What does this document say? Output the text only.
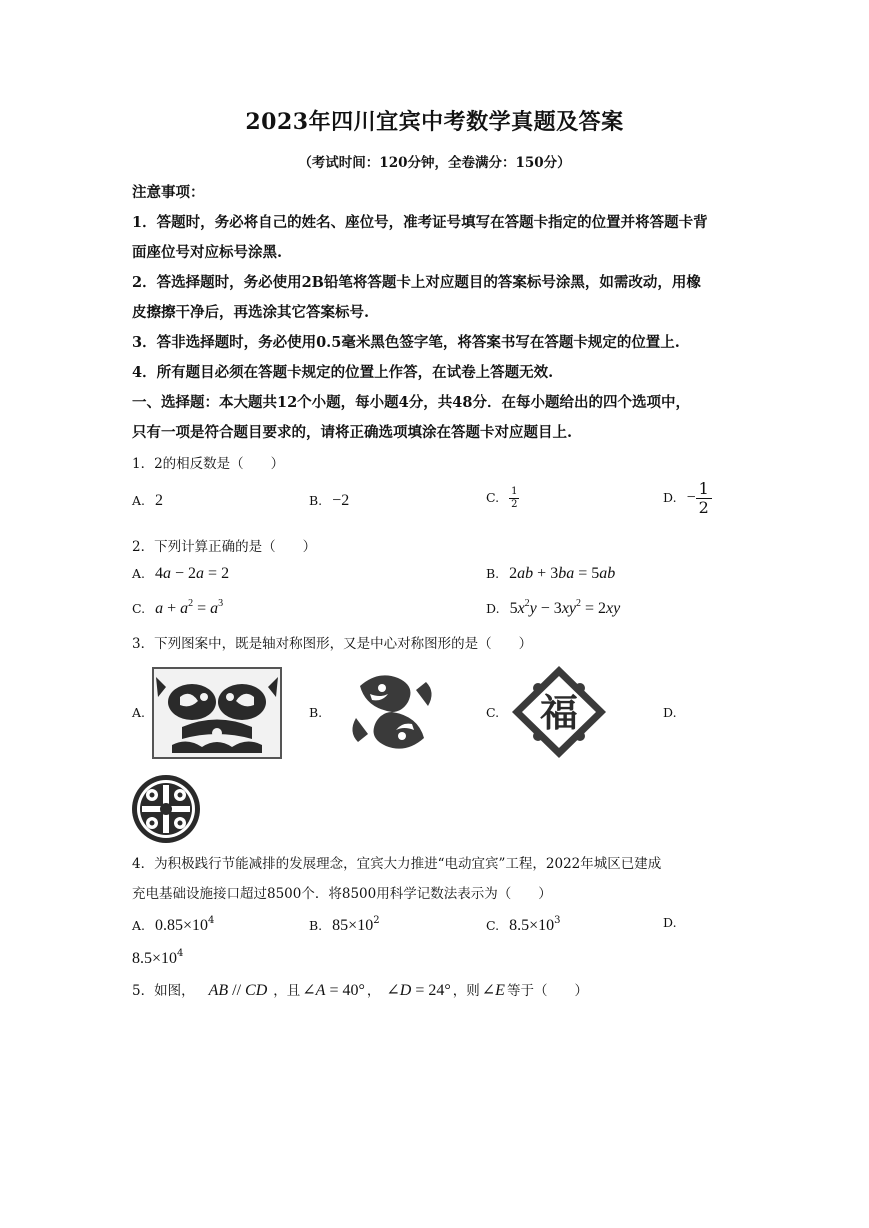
2023年四川宜宾中考数学真题及答案
（考试时间：120分钟，全卷满分：150分）
注意事项：
1．答题时，务必将自己的姓名、座位号，准考证号填写在答题卡指定的位置并将答题卡背
面座位号对应标号涂黑.
2．答选择题时，务必使用2B铅笔将答题卡上对应题目的答案标号涂黑，如需改动，用橡
皮擦擦干净后，再选涂其它答案标号.
3．答非选择题时，务必使用0.5毫米黑色签字笔，将答案书写在答题卡规定的位置上.
4．所有题目必须在答题卡规定的位置上作答，在试卷上答题无效.
一、选择题：本大题共12个小题，每小题4分，共48分．在每小题给出的四个选项中，
只有一项是符合题目要求的，请将正确选项填涂在答题卡对应题目上.
1．2的相反数是（　　）
A. 2	B. −2	C. $\frac{1}{2}$	D. − $\frac{1}{2}$
2．下列计算正确的是（　　）
A. 4a − 2a = 2	B. 2ab + 3ba = 5ab
C. $a + a^2 = a^3$	D. $5x^2y - 3xy^2 = 2xy$
3．下列图案中，既是轴对称图形，又是中心对称图形的是（　　）
A.	B.	C.	D.
福
4．为积极践行节能减排的发展理念，宜宾大力推进“电动宜宾”工程，2022年城区已建成
充电基础设施接口超过8500个．将8500用科学记数法表示为（　　）
A. $0.85\times 10^4$	B. $85\times 10^2$	C. $8.5\times 10^3$	D.
$8.5\times 10^4$
5．如图， AB // CD ，且 ∠A = 40° ， ∠D = 24° ，则 ∠E 等于（　　）
